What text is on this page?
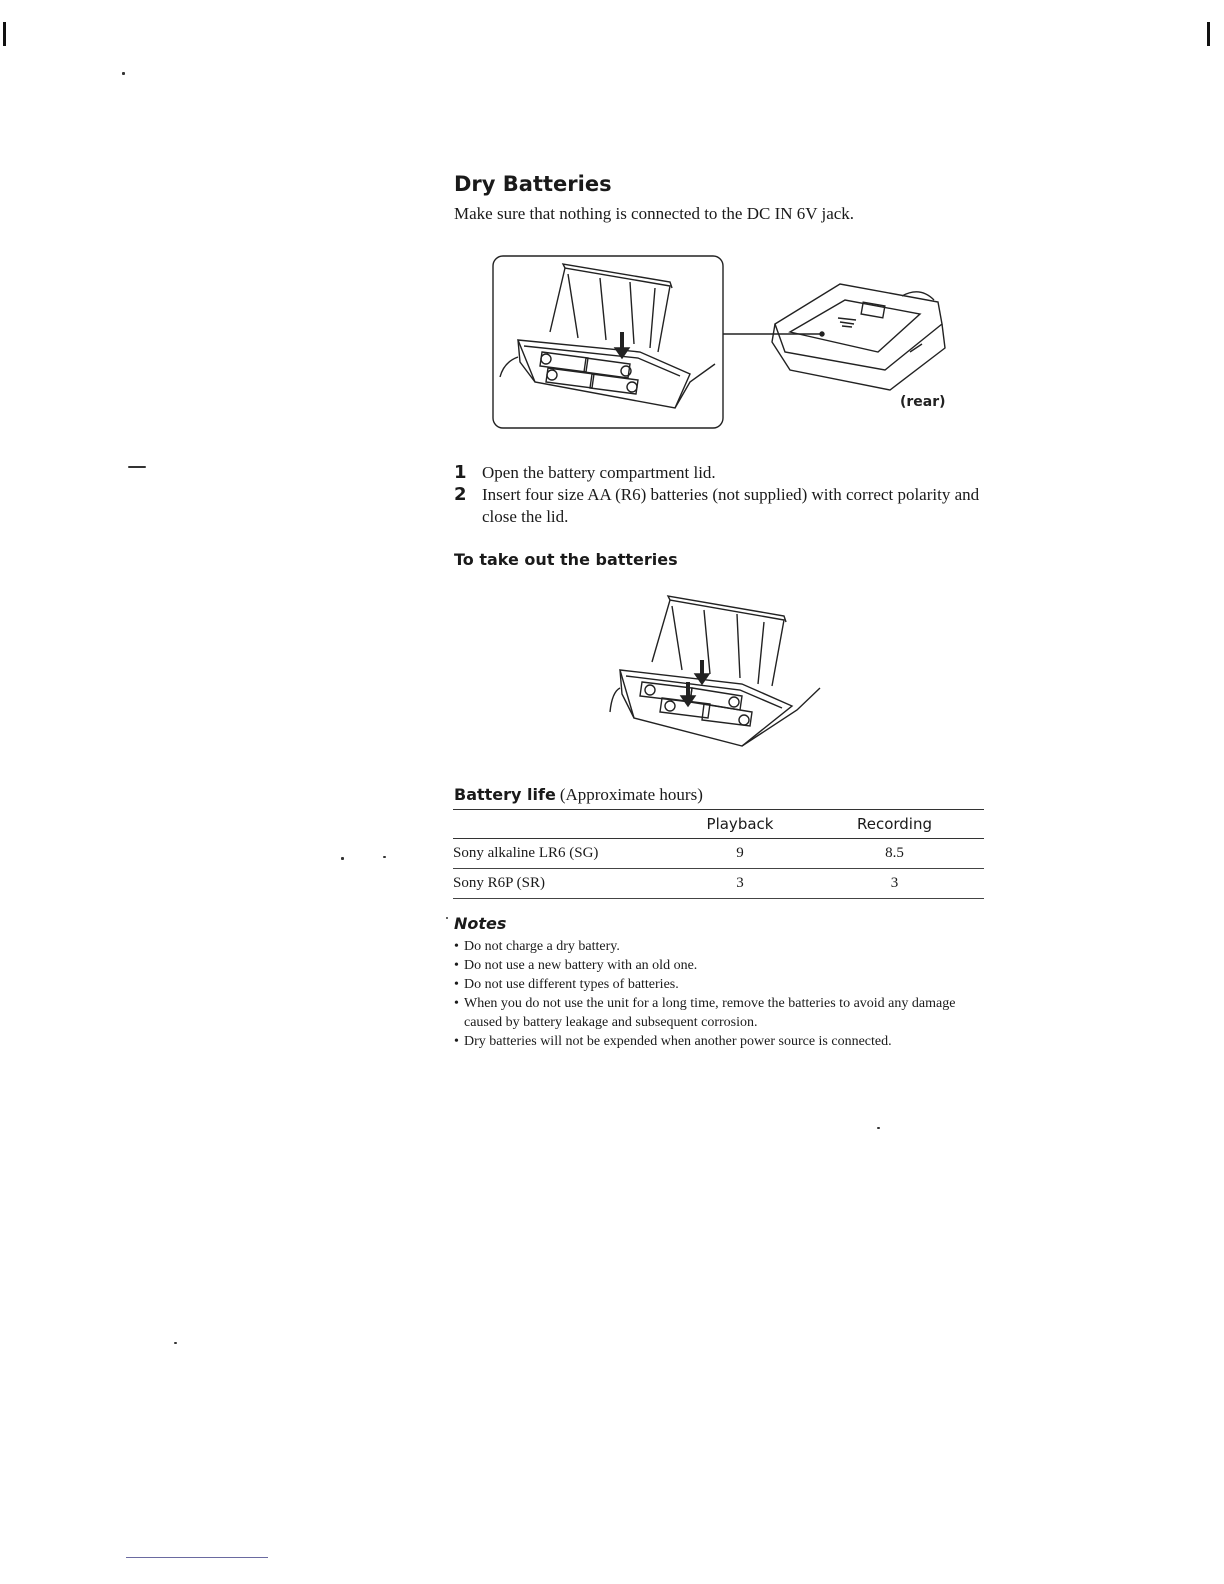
Dry Batteries

Make sure that nothing is connected to the DC IN 6V jack.

(rear)
1 Open the battery compartment lid.
2 Insert four size AA (R6) batteries (not supplied) with correct polarity and close the lid.
To take out the batteries

Battery life (Approximate hours)

	Playback	Recording
Sony alkaline LR6 (SG)	9	8.5
Sony R6P (SR)	3	3

Notes

• Do not charge a dry battery.
• Do not use a new battery with an old one.
• Do not use different types of batteries.
• When you do not use the unit for a long time, remove the batteries to avoid any damage caused by battery leakage and subsequent corrosion.
• Dry batteries will not be expended when another power source is connected.
